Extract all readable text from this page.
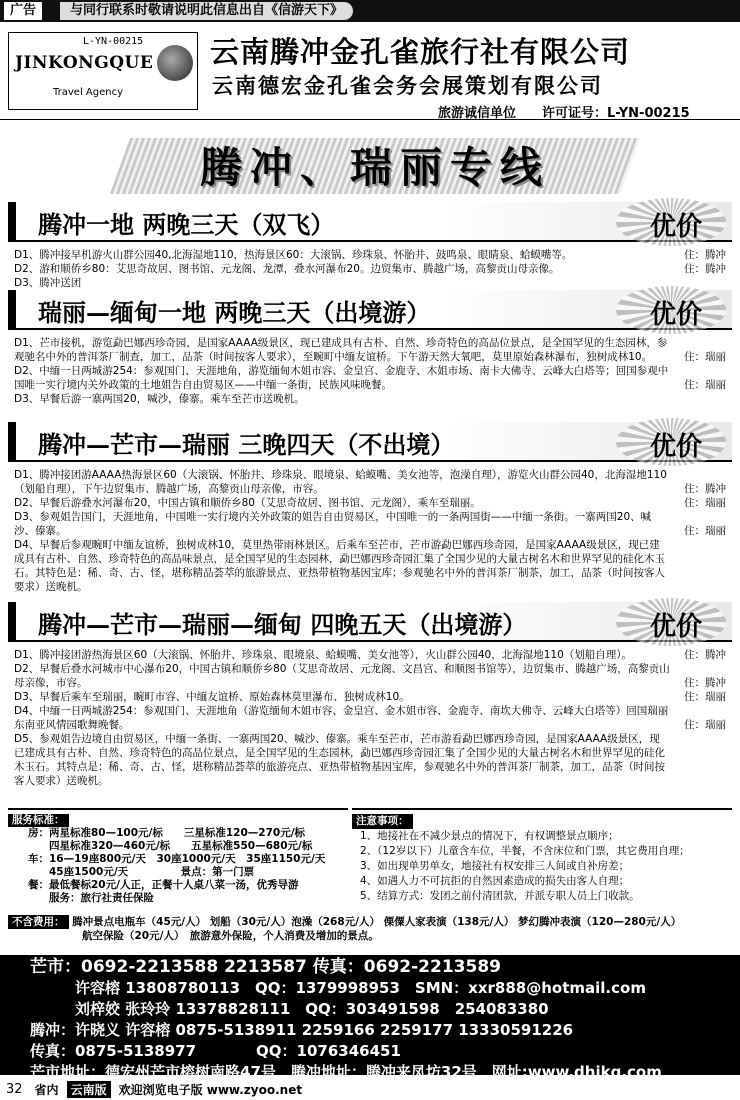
广告	与同行联系时敬请说明此信息出自《信游天下》
L-YN-00215
JINKONGQUE
Travel Agency
云南腾冲金孔雀旅行社有限公司
云南德宏金孔雀会务会展策划有限公司
旅游诚信单位 许可证号：L-YN-00215
腾冲、瑞丽专线
腾冲一地 两晚三天（双飞）	优价
D1、腾冲接早机游火山群公园40,北海湿地110，热海景区60：大滚锅、珍珠泉、怀胎井、鼓鸣泉、眼睛泉、蛤蟆嘴等。	住：腾冲
D2、游和顺侨乡80：艾思奇故居、图书馆、元龙阁、龙潭，叠水河瀑布20。边贸集市、腾越广场，高黎贡山母亲像。	住：腾冲
D3、腾冲送团
瑞丽—缅甸一地 两晚三天（出境游）	优价
D1、芒市接机，游览勐巴娜西珍奇园，是国家AAAA级景区，现已建成具有古朴、自然、珍奇特色的高品位景点，是全国罕见的生态园林，参观驰名中外的普洱茶厂制查，加工，品茶（时间按客人要求），至畹町中缅友谊桥。下午游天然大氧吧，莫里原始森林瀑布，独树成林10。	住：瑞丽
D2、中缅一日两城游254：参观国门、天涯地角，游览缅甸木姐市容、金皇宫、金鹿寺、木姐市场、南卡大佛寺、云峰大白塔等；回国参观中国唯一实行境内关外政策的土地姐告自由贸易区——中缅一条街，民族风味晚餐。	住：瑞丽
D3、早餐后游一寨两国20，喊沙，傣寨。乘车至芒市送晚机。
腾冲—芒市—瑞丽 三晚四天（不出境）	优价
D1、腾冲接团游AAAA热海景区60（大滚锅、怀胎井、珍珠泉、眼境泉、蛤蟆嘴、美女池等，泡澡自理），游览火山群公园40，北海湿地110（划船自理），下午边贸集市、腾越广场，高黎贡山母亲像，市容。	住：腾冲
D2、早餐后游叠水河瀑布20，中国古镇和顺侨乡80（艾思奇故居、图书馆、元龙阁），乘车至瑞丽。	住：瑞丽
D3、参观姐告国门，天涯地角，中国唯一实行境内关外政策的姐告自由贸易区，中国唯一的一条两国街——中缅一条街。一寨两国20、喊沙、傣寨。	住：瑞丽
D4、早餐后参观畹町中缅友谊桥，独树成林10，莫里热带雨林景区。后乘车至芒市，芒市游勐巴娜西珍奇园，是国家AAAA级景区，现已建成具有古朴、自然、珍奇特色的高品味景点，是全国罕见的生态园林，勐巴娜西珍奇园汇集了全国少见的大量古树名木和世界罕见的硅化木玉石。其特色是：稀、奇、古、怪，堪称精品荟萃的旅游景点、亚热带植物基因宝库；参观驰名中外的普洱茶厂制茶，加工，品茶（时间按客人要求）送晚机。
腾冲—芒市—瑞丽—缅甸 四晚五天（出境游）	优价
D1、腾冲接团游热海景区60（大滚锅、怀胎井、珍珠泉、眼境泉、蛤蟆嘴、美女池等），火山群公园40，北海湿地110（划船自理）。	住：腾冲
D2、早餐后叠水河城市中心瀑布20，中国古镇和顺侨乡80（艾思奇故居、元龙阁、文昌宫、和顺图书馆等），边贸集市、腾越广场，高黎贡山母亲像，市容。	住：腾冲
D3、早餐后乘车至瑞丽，畹町市容、中缅友谊桥、原始森林莫里瀑布、独树成林10。	住：瑞丽
D4、中缅一日两城游254：参观国门、天涯地角（游览缅甸木姐市容、金皇宫、金木姐市容、金鹿寺、南坎大佛寺、云峰大白塔等）回国瑞丽东南亚风情园歌舞晚餐。	住：瑞丽
D5、参观姐告边境自由贸易区，中缅一条街、一寨两国20、喊沙、傣寨。乘车至芒市，芒市游看勐巴娜西珍奇园，是国家AAAA级景区，现已建成具有古朴、自然、珍奇特色的高品位景点，是全国罕见的生态园林，勐巴娜西珍奇园汇集了全国少见的大量古树名木和世界罕见的硅化木玉石。其特点是：稀、奇、古、怪，堪称精品荟萃的旅游亮点、亚热带植物基因宝库，参观驰名中外的普洱茶厂制茶，加工，品茶（时间按客人要求）送晚机。
服务标准：
房：两星标准80—100元/标　　三星标准120—270元/标
　　四星标准320—460元/标　　五星标准550—680元/标
车：16—19座800元/天　30座1000元/天　35座1150元/天
　　45座1500元/天　　　　　景点：第一门票
餐：最低餐标20元/人正，正餐十人桌八菜一汤，优秀导游
　　服务：旅行社责任保险
注意事项：
1、地接社在不减少景点的情况下，有权调整景点顺序；
2、（12岁以下）儿童含车位，半餐，不含床位和门票，其它费用自理；
3、如出现单男单女，地接社有权安排三人间或自补房差；
4、如遇人力不可抗拒的自然因素造成的损失由客人自理；
5、结算方式：发团之前付清团款，并派专职人员上门收款。
不含费用： 腾冲景点电瓶车（45元/人） 划船（30元/人）泡澡（268元/人） 傈僳人家表演（138元/人） 梦幻腾冲表演（120—280元/人）
航空保险（20元/人）　旅游意外保险，个人消费及增加的景点。
芒市：0692-2213588 2213587 传真：0692-2213589
　　　许容榕 13808780113　QQ：1379998953　SMN：xxr888@hotmail.com
　　　刘梓姣 张玲玲 13378828111　QQ：303491598　254083380
腾冲：许晓义 许容榕 0875-5138911 2259166 2259177 13330591226
传真：0875-5138977　　　　QQ：1076346451
芒市地址：德宏州芒市榕树南路47号　腾冲地址：腾冲来凤坊32号　网址:www.dhjkq.com
32 省内	云南版	欢迎浏览电子版 www.zyoo.net
